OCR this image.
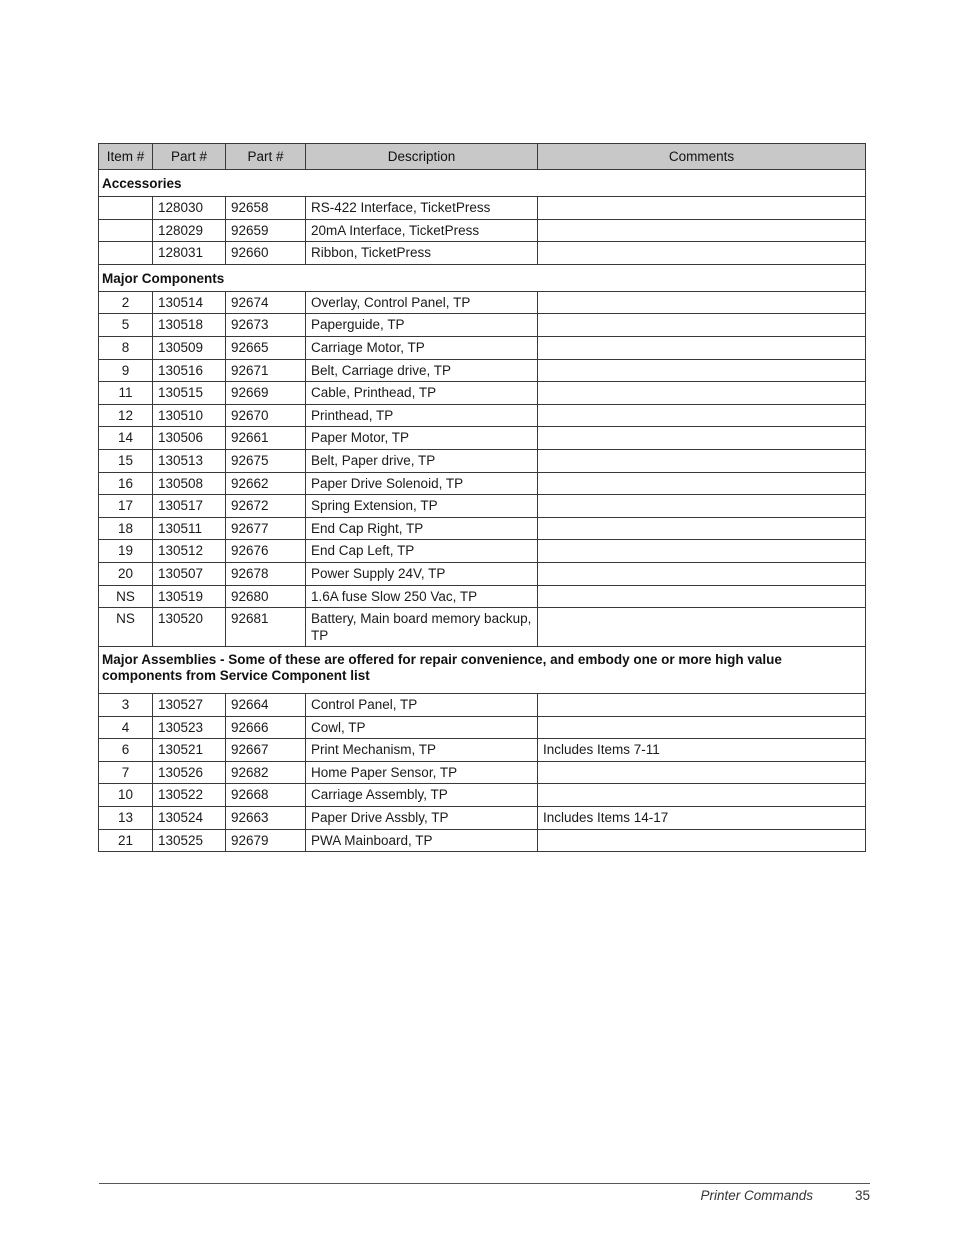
Item #	Part #	Part #	Description	Comments
Accessories				
	128030	92658	RS-422 Interface, TicketPress	
	128029	92659	20mA Interface, TicketPress	
	128031	92660	Ribbon, TicketPress	
Major Components				
2	130514	92674	Overlay, Control Panel, TP	
5	130518	92673	Paperguide, TP	
8	130509	92665	Carriage Motor, TP	
9	130516	92671	Belt, Carriage drive, TP	
11	130515	92669	Cable, Printhead, TP	
12	130510	92670	Printhead, TP	
14	130506	92661	Paper Motor, TP	
15	130513	92675	Belt, Paper drive, TP	
16	130508	92662	Paper Drive Solenoid, TP	
17	130517	92672	Spring Extension, TP	
18	130511	92677	End Cap Right, TP	
19	130512	92676	End Cap Left, TP	
20	130507	92678	Power Supply 24V, TP	
NS	130519	92680	1.6A fuse Slow 250 Vac, TP	
NS	130520	92681	Battery, Main board memory backup, TP	
Major Assemblies - Some of these are offered for repair convenience, and embody one or more high value components from Service Component list				
3	130527	92664	Control Panel, TP	
4	130523	92666	Cowl, TP	
6	130521	92667	Print Mechanism, TP	Includes Items 7-11
7	130526	92682	Home Paper Sensor, TP	
10	130522	92668	Carriage Assembly, TP	
13	130524	92663	Paper Drive Assbly, TP	Includes Items 14-17
21	130525	92679	PWA Mainboard, TP	
Printer Commands	35
